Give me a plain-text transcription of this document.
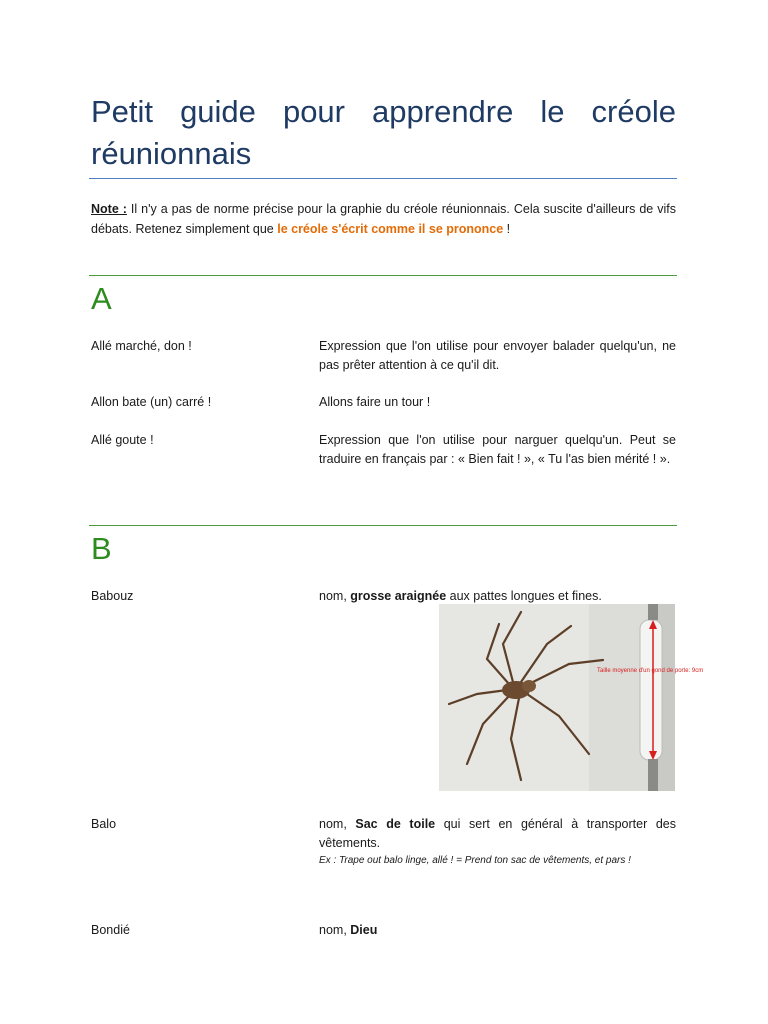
Petit guide pour apprendre le créole réunionnais
Note : Il n'y a pas de norme précise pour la graphie du créole réunionnais. Cela suscite d'ailleurs de vifs débats. Retenez simplement que le créole s'écrit comme il se prononce !
A
Allé marché, don !	Expression que l'on utilise pour envoyer balader quelqu'un, ne pas prêter attention à ce qu'il dit.
Allon bate (un) carré !	Allons faire un tour !
Allé goute !	Expression que l'on utilise pour narguer quelqu'un. Peut se traduire en français par : « Bien fait ! », « Tu l'as bien mérité ! ».
B
Babouz	nom, grosse araignée aux pattes longues et fines.
Taille moyenne d'un gond de porte: 9cm
Balo	nom, Sac de toile qui sert en général à transporter des vêtements.
Ex : Trape out balo linge, allé ! = Prend ton sac de vêtements, et pars !
Bondié	nom, Dieu
